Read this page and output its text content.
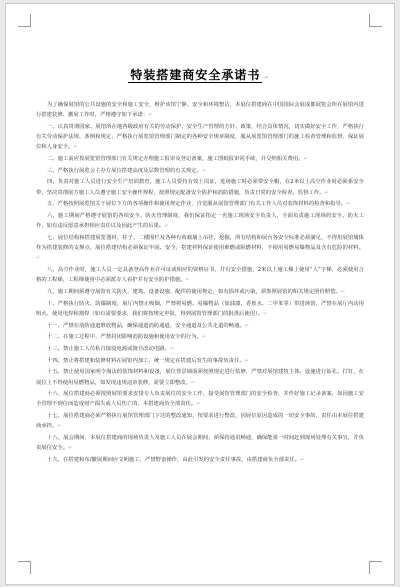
特装搭建商安全承诺书 ↵

为了确保展馆的公共设施的安全和施工安全，维护该馆宁静、安全和环境整洁，本展位搭建商在中国国际会展成都展览会所在展馆内进行搭建装修、撤展工作时，严格遵守如下承诺：↵

一、认真贯彻国家、展馆所在地各级政府有关的劳动保护、安全生产管理的方针、政策，结合具体情况，切实做好安全工作，严格执行有关劳动保护法规、条例和规定，严格执行展览馆管理部门制定的各种安全规章制度，服从展览馆管理部门的施工检查管理和监督，保证展位和人身安全。↵

二、施工前应按展览馆管理部门有关规定办理施工报审及登记备案，施工图纸报审同手续，并交纳相关费用。↵

三、严格执行展览会主办方展位搭建高度及层数管理的有关规定。↵

四、负责对施工人员进行安全生产培训教育，施工人员要持有效上岗证，进场施工时必须带安全帽，在2米以上高空作业时必须系安全带，坚决贯彻展方施工人员遵守施工安全操作规程，按照规定配备安全防护和消防措施，负责日常的安全检查、监督工作。↵

五、严格按照展览馆关于展位下方的各项操作和使用规定作业，自觉服从展馆管理部门有关工作人员对装饰材料的检查和指导。↵

六、施工期间严格遵守展馆的各项安全、防火管理制度，我们保证指定一名施工现场安全负责人，全面负责施工现场的安全、防火工作，如有违反愿意承担相应责任以及因此产生的后果。↵

七、展位结构和搭建展览器材、柱子、二楼围栏及各种有荷载墙上吊挂、挖掘，所有结构和展台各安全标准必须满足，不得用展馆墙体作为搭建装修的支撑点，展位搭建结构必须保证牢固、安全，搭建材料保证使用难燃或阻燃材料，不使用易燃易爆物品及含有危险的材料。↵

八、高空作业时，施工人员一定具备登高作业许可证或相应的资格证书，并有安全措施，2米以上施工梯上使用“人”字梯，必须使用合格的工程梯，工程梯使用中必须派专人看护并有安全防护措施。↵

九、施工期间须遵守展馆有关防火、建筑、设备设施、配件的使用规定，如有损坏或污染，须参照展馆的相关规定照价赔偿。↵

十、严格执行防火、防爆制度，展厅内禁止吸烟，严禁将易燃、易爆物品（如油漆、香蕉水、二甲苯等）带进场馆，严禁在展厅内动用明火、使用电焊和割焊（如有需要要求，我们将按规定申报，得到展馆管理部门的批准后使用）。↵

十一、严禁在消防通道堆放物品，确保通道消防通道、安全通道及公共走道的畅通。↵

十二、在施工过程中，严禁封闭影响消防设施和使用安全的行为。↵

十三、禁止施工人员私自接驳电源或擅自改动电路。↵

十四、禁止将搭建和装修材料在展馆内加工，统一规定在搭建后发生的事故负责任。↵

十五、禁止使用国家明令淘汰的装饰材料和设备，展位背景墙面须按照规定进行装修，严禁对展馆建筑主体、设施进行钻孔、打钉，在展位上不得使用易燃物品，如发现违规违章装修，需要立即整改。↵

十六、展位搭建商必须按照展馆要求安排专人负责展位的安全工作，接受展馆管理部门的安全检查，并作好施工记录备案，如因施工安全管理不到位而造成财产损失或人员伤亡的，本搭建商负全部责任。↵

十七、展位搭建商必须严格执行展馆管理部门下达的整改通知，按要求进行整改，因展位原因造成的一切安全事故，责任由本展位搭建商承担。↵

十八、展会期间，本展位搭建商的现场负责人及施工人员在展会期间，须保持通讯畅通，确保能第一时间赶到现场处理有关事宜，并负责展位安全。↵

十九、在搭建和布/撤展期间应文明施工，严禁野蛮操作，由此引发的安全责任事故，由搭建商负全部责任。↵
